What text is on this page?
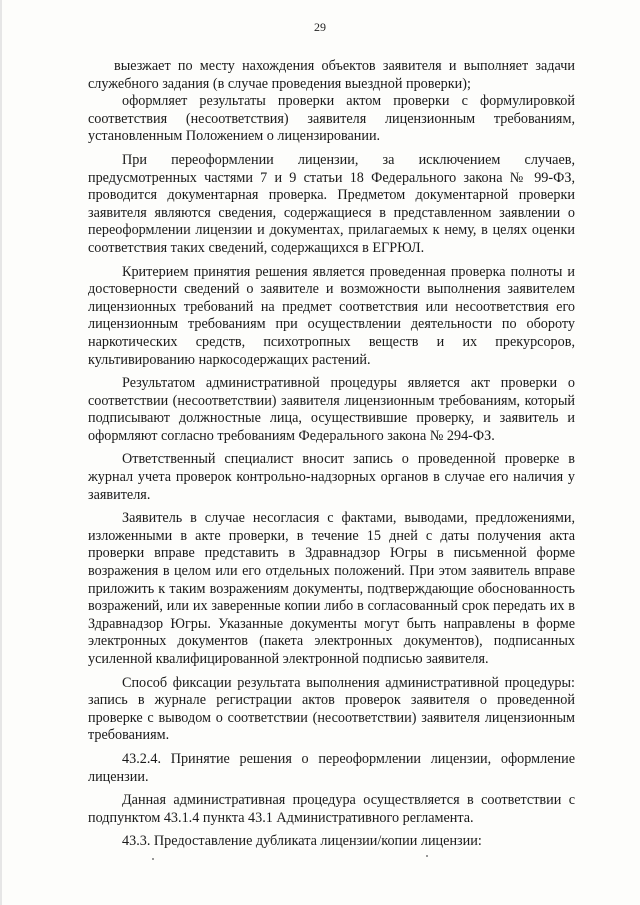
29

выезжает по месту нахождения объектов заявителя и выполняет задачи служебного задания (в случае проведения выездной проверки);

оформляет результаты проверки актом проверки с формулировкой соответствия (несоответствия) заявителя лицензионным требованиям, установленным Положением о лицензировании.

При переоформлении лицензии, за исключением случаев, предусмотренных частями 7 и 9 статьи 18 Федерального закона № 99-ФЗ, проводится документарная проверка. Предметом документарной проверки заявителя являются сведения, содержащиеся в представленном заявлении о переоформлении лицензии и документах, прилагаемых к нему, в целях оценки соответствия таких сведений, содержащихся в ЕГРЮЛ.

Критерием принятия решения является проведенная проверка полноты и достоверности сведений о заявителе и возможности выполнения заявителем лицензионных требований на предмет соответствия или несоответствия его лицензионным требованиям при осуществлении деятельности по обороту наркотических средств, психотропных веществ и их прекурсоров, культивированию наркосодержащих растений.

Результатом административной процедуры является акт проверки о соответствии (несоответствии) заявителя лицензионным требованиям, который подписывают должностные лица, осуществившие проверку, и заявитель и оформляют согласно требованиям Федерального закона № 294-ФЗ.

Ответственный специалист вносит запись о проведенной проверке в журнал учета проверок контрольно-надзорных органов в случае его наличия у заявителя.

Заявитель в случае несогласия с фактами, выводами, предложениями, изложенными в акте проверки, в течение 15 дней с даты получения акта проверки вправе представить в Здравнадзор Югры в письменной форме возражения в целом или его отдельных положений. При этом заявитель вправе приложить к таким возражениям документы, подтверждающие обоснованность возражений, или их заверенные копии либо в согласованный срок передать их в Здравнадзор Югры. Указанные документы могут быть направлены в форме электронных документов (пакета электронных документов), подписанных усиленной квалифицированной электронной подписью заявителя.

Способ фиксации результата выполнения административной процедуры: запись в журнале регистрации актов проверок заявителя о проведенной проверке с выводом о соответствии (несоответствии) заявителя лицензионным требованиям.

43.2.4. Принятие решения о переоформлении лицензии, оформление лицензии.

Данная административная процедура осуществляется в соответствии с подпунктом 43.1.4 пункта 43.1 Административного регламента.

43.3. Предоставление дубликата лицензии/копии лицензии:
